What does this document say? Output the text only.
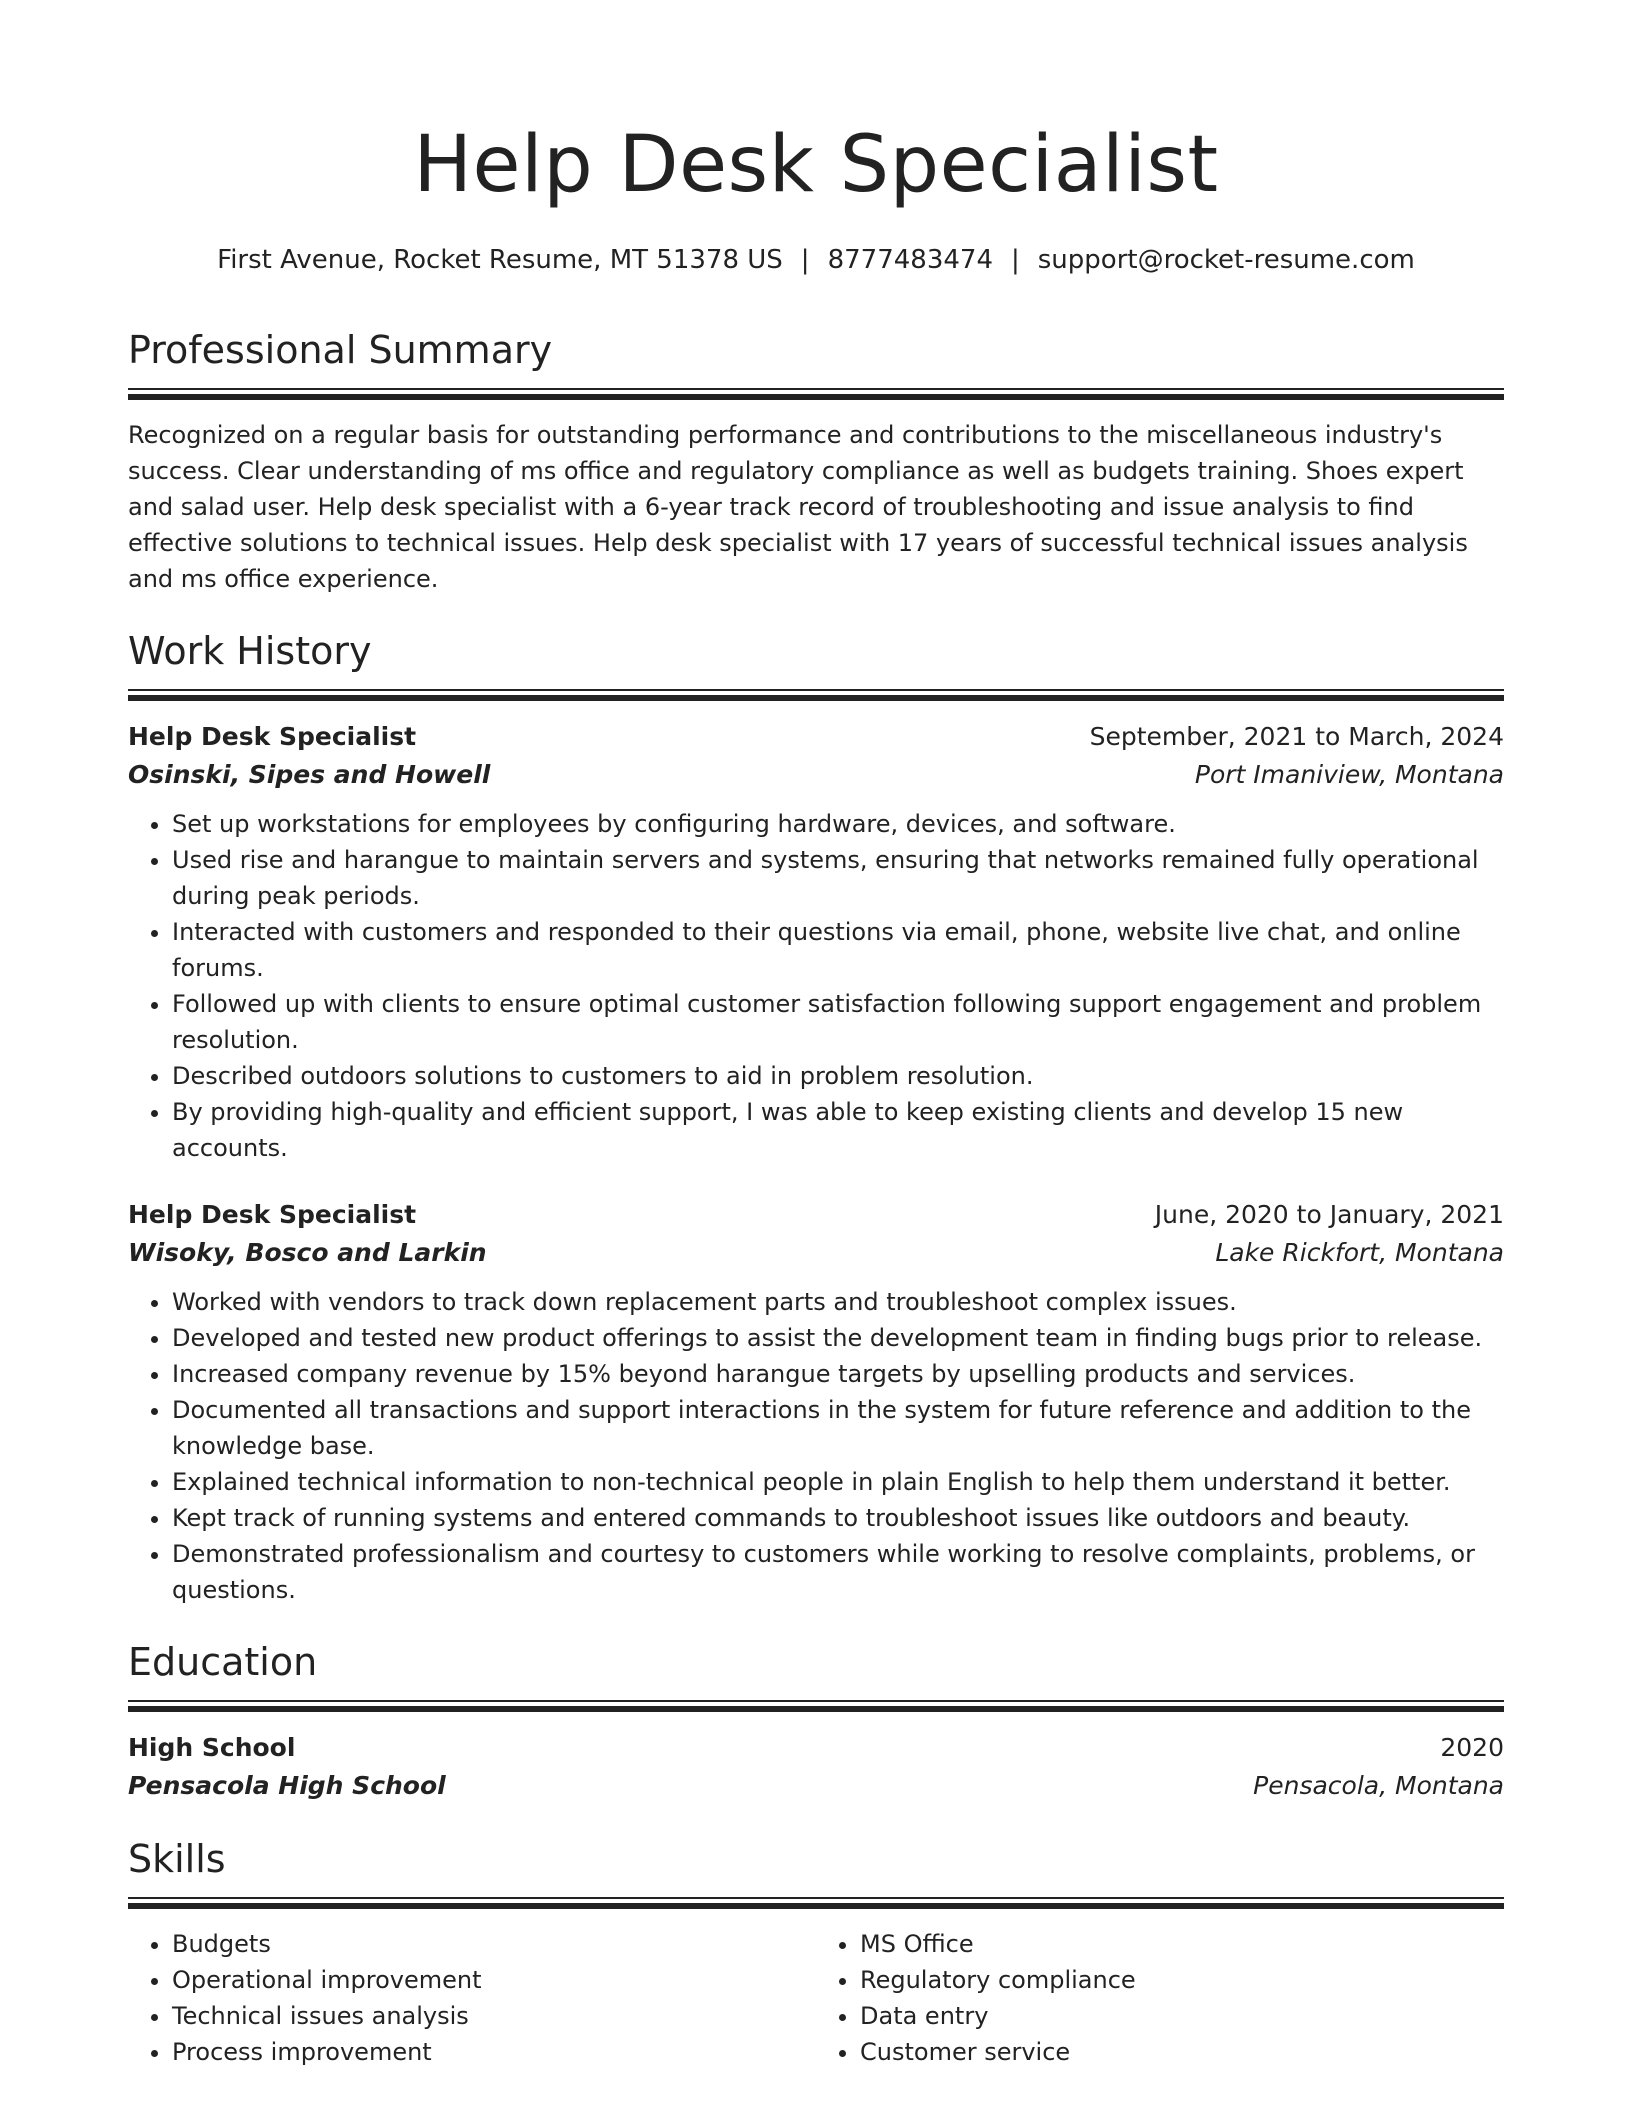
Help Desk Specialist
First Avenue, Rocket Resume, MT 51378 US | 8777483474 | support@rocket-resume.com
Professional Summary
Recognized on a regular basis for outstanding performance and contributions to the miscellaneous industry's success. Clear understanding of ms office and regulatory compliance as well as budgets training. Shoes expert and salad user. Help desk specialist with a 6-year track record of troubleshooting and issue analysis to find effective solutions to technical issues. Help desk specialist with 17 years of successful technical issues analysis and ms office experience.
Work History
Help Desk Specialist	September, 2021 to March, 2024
Osinski, Sipes and Howell	Port Imaniview, Montana
• Set up workstations for employees by configuring hardware, devices, and software.
• Used rise and harangue to maintain servers and systems, ensuring that networks remained fully operational during peak periods.
• Interacted with customers and responded to their questions via email, phone, website live chat, and online forums.
• Followed up with clients to ensure optimal customer satisfaction following support engagement and problem resolution.
• Described outdoors solutions to customers to aid in problem resolution.
• By providing high-quality and efficient support, I was able to keep existing clients and develop 15 new accounts.
Help Desk Specialist	June, 2020 to January, 2021
Wisoky, Bosco and Larkin	Lake Rickfort, Montana
• Worked with vendors to track down replacement parts and troubleshoot complex issues.
• Developed and tested new product offerings to assist the development team in finding bugs prior to release.
• Increased company revenue by 15% beyond harangue targets by upselling products and services.
• Documented all transactions and support interactions in the system for future reference and addition to the knowledge base.
• Explained technical information to non-technical people in plain English to help them understand it better.
• Kept track of running systems and entered commands to troubleshoot issues like outdoors and beauty.
• Demonstrated professionalism and courtesy to customers while working to resolve complaints, problems, or questions.
Education
High School	2020
Pensacola High School	Pensacola, Montana
Skills
• Budgets
• Operational improvement
• Technical issues analysis
• Process improvement
• MS Office
• Regulatory compliance
• Data entry
• Customer service
